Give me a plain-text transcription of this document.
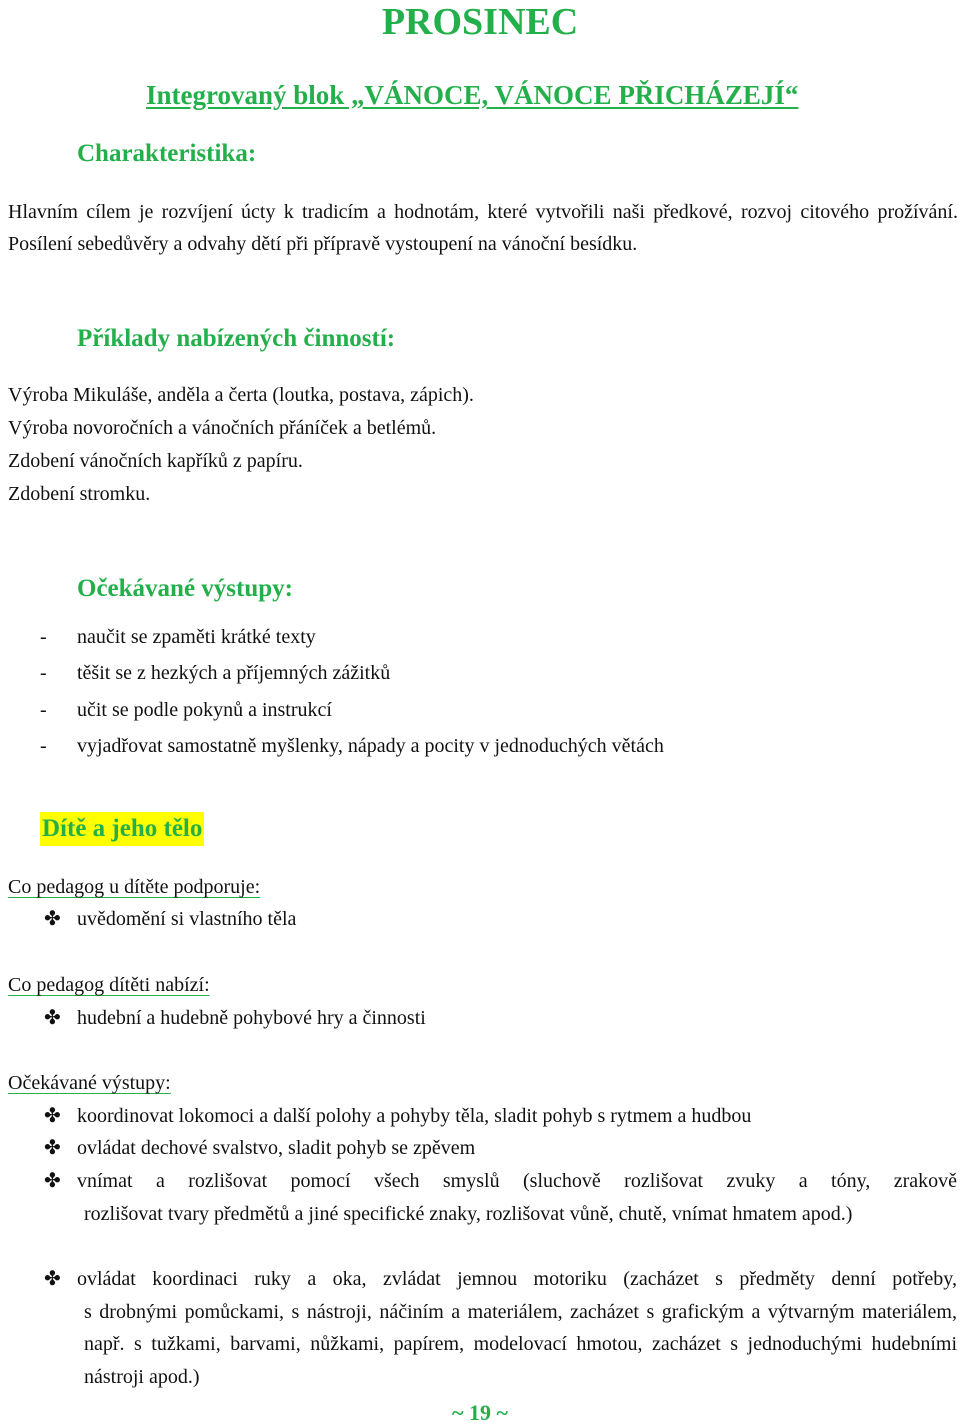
PROSINEC
Integrovaný blok „VÁNOCE, VÁNOCE PŘICHÁZEJÍ“
Charakteristika:
Hlavním cílem je rozvíjení úcty k tradicím a hodnotám, které vytvořili naši předkové, rozvoj citového prožívání. Posílení sebedůvěry a odvahy dětí při přípravě vystoupení na vánoční besídku.
Příklady nabízených činností:
Výroba Mikuláše, anděla a čerta (loutka, postava, zápich).
Výroba novoročních a vánočních přáníček a betlémů.
Zdobení vánočních kapříků z papíru.
Zdobení stromku.
Očekávané výstupy:
- naučit se zpaměti krátké texty
- těšit se z hezkých a příjemných zážitků
- učit se podle pokynů a instrukcí
- vyjadřovat samostatně myšlenky, nápady a pocity v jednoduchých větách
Dítě a jeho tělo
Co pedagog u dítěte podporuje:
✤ uvědomění si vlastního těla
Co pedagog dítěti nabízí:
✤ hudební a hudebně pohybové hry a činnosti
Očekávané výstupy:
✤ koordinovat lokomoci a další polohy a pohyby těla, sladit pohyb s rytmem a hudbou
✤ ovládat dechové svalstvo, sladit pohyb se zpěvem
✤ vnímat a rozlišovat pomocí všech smyslů (sluchově rozlišovat zvuky a tóny, zrakově
rozlišovat tvary předmětů a jiné specifické znaky, rozlišovat vůně, chutě, vnímat hmatem apod.)
✤ ovládat koordinaci ruky a oka, zvládat jemnou motoriku (zacházet s předměty denní potřeby,
s drobnými pomůckami, s nástroji, náčiním a materiálem, zacházet s grafickým a výtvarným materiálem, např. s tužkami, barvami, nůžkami, papírem, modelovací hmotou, zacházet s jednoduchými hudebními nástroji apod.)
~ 19 ~
